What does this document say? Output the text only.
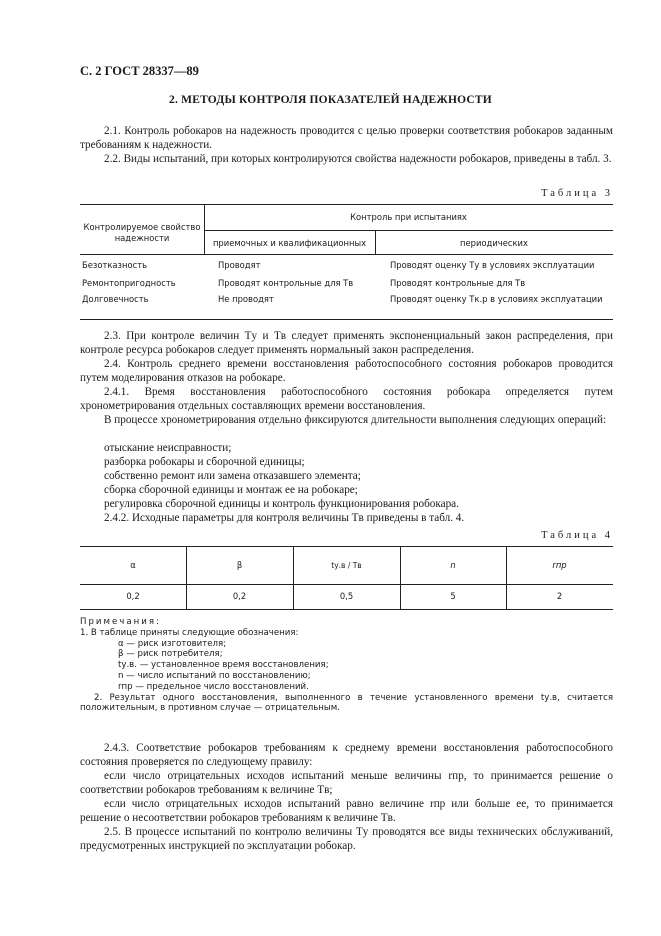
С. 2 ГОСТ 28337—89
2. МЕТОДЫ КОНТРОЛЯ ПОКАЗАТЕЛЕЙ НАДЕЖНОСТИ
2.1. Контроль робокаров на надежность проводится с целью проверки соответствия робокаров заданным требованиям к надежности.
2.2. Виды испытаний, при которых контролируются свойства надежности робокаров, приведены в табл. 3.
Таблица 3
Контролируемое свойство надежности
Контроль при испытаниях
приемочных и квалификационных	периодических
Безотказность	Проводят	Проводят оценку Tу в условиях эксплуатации
Ремонтопригодность	Проводят контрольные для Tв	Проводят контрольные для Tв
Долговечность	Не проводят	Проводят оценку Tк.р в условиях эксплуатации
2.3. При контроле величин Tу и Tв следует применять экспоненциальный закон распределения, при контроле ресурса робокаров следует применять нормальный закон распределения.
2.4. Контроль среднего времени восстановления работоспособного состояния робокаров проводится путем моделирования отказов на робокаре.
2.4.1. Время восстановления работоспособного состояния робокара определяется путем хронометрирования отдельных составляющих времени восстановления.
В процессе хронометрирования отдельно фиксируются длительности выполнения следующих операций:
отыскание неисправности;
разборка робокары и сборочной единицы;
собственно ремонт или замена отказавшего элемента;
сборка сборочной единицы и монтаж ее на робокаре;
регулировка сборочной единицы и контроль функционирования робокара.
2.4.2. Исходные параметры для контроля величины Tв приведены в табл. 4.
Таблица 4
α	β	tу.в / Tв	n	rпр
0,2	0,2	0,5	5	2
Примечания:
1. В таблице приняты следующие обозначения:
α — риск изготовителя;
β — риск потребителя;
tу.в. — установленное время восстановления;
n — число испытаний по восстановлению;
rпр — предельное число восстановлений.
2. Результат одного восстановления, выполненного в течение установленного времени tу.в, считается положительным, в противном случае — отрицательным.
2.4.3. Соответствие робокаров требованиям к среднему времени восстановления работоспособного состояния проверяется по следующему правилу:
если число отрицательных исходов испытаний меньше величины rпр, то принимается решение о соответствии робокаров требованиям к величине Tв;
если число отрицательных исходов испытаний равно величине rпр или больше ее, то принимается решение о несоответствии робокаров требованиям к величине Tв.
2.5. В процессе испытаний по контролю величины Tу проводятся все виды технических обслуживаний, предусмотренных инструкцией по эксплуатации робокар.
